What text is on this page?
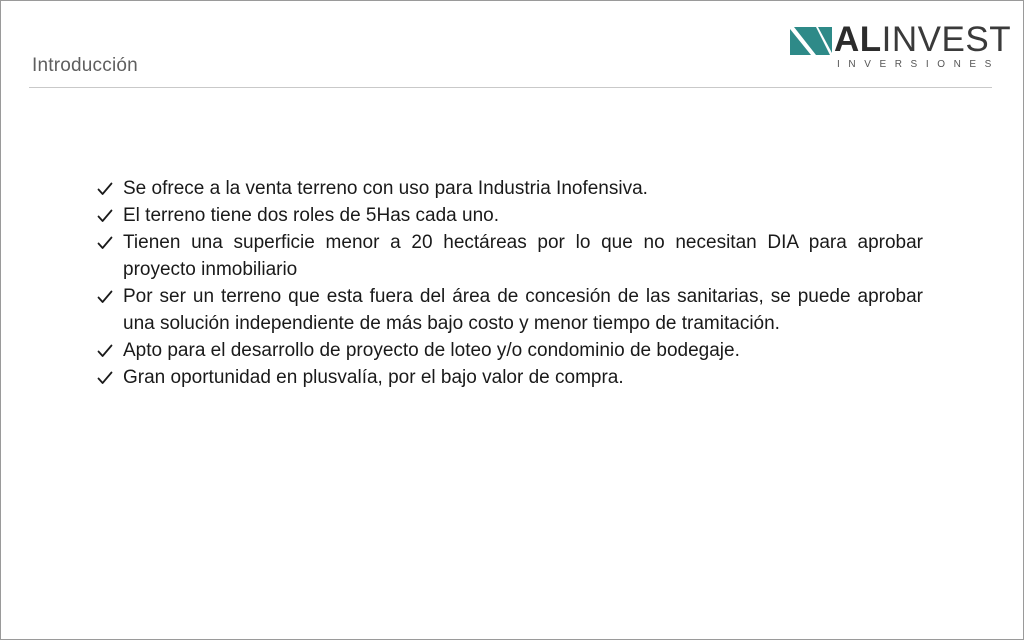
Introducción
ALINVEST
INVERSIONES
Se ofrece a la venta terreno con uso para Industria Inofensiva.
El terreno tiene dos roles de 5Has cada uno.
Tienen una superficie menor a 20 hectáreas por lo que no necesitan DIA para aprobar proyecto inmobiliario
Por ser un terreno que esta fuera del área de concesión de las sanitarias, se puede aprobar una solución independiente de más bajo costo y menor tiempo de tramitación.
Apto para el desarrollo de proyecto de loteo y/o condominio de bodegaje.
Gran oportunidad en plusvalía, por el bajo valor de compra.
